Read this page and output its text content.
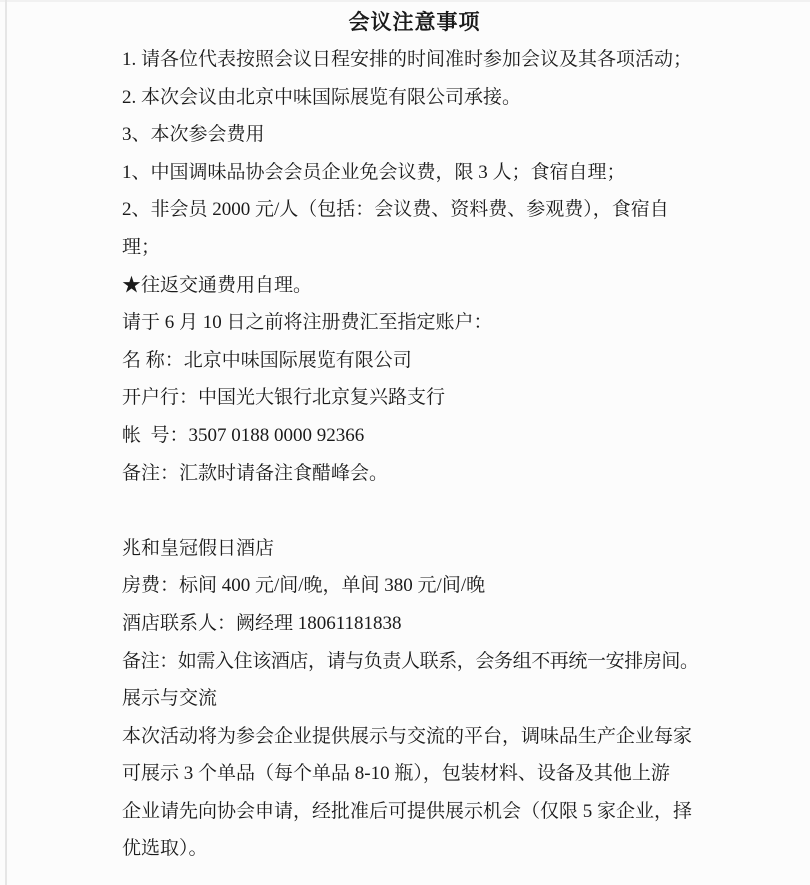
会议注意事项
1. 请各位代表按照会议日程安排的时间准时参加会议及其各项活动；
2. 本次会议由北京中味国际展览有限公司承接。
3、本次参会费用
1、中国调味品协会会员企业免会议费，限 3 人；食宿自理；
2、非会员 2000 元/人（包括：会议费、资料费、参观费），食宿自
理；
★往返交通费用自理。
请于 6 月 10 日之前将注册费汇至指定账户：
名 称：北京中味国际展览有限公司
开户行：中国光大银行北京复兴路支行
帐  号：3507 0188 0000 92366
备注：汇款时请备注食醋峰会。
兆和皇冠假日酒店
房费：标间 400 元/间/晚，单间 380 元/间/晚
酒店联系人：阙经理 18061181838
备注：如需入住该酒店，请与负责人联系，会务组不再统一安排房间。
展示与交流
本次活动将为参会企业提供展示与交流的平台，调味品生产企业每家
可展示 3 个单品（每个单品 8-10 瓶），包装材料、设备及其他上游
企业请先向协会申请，经批准后可提供展示机会（仅限 5 家企业，择
优选取）。
